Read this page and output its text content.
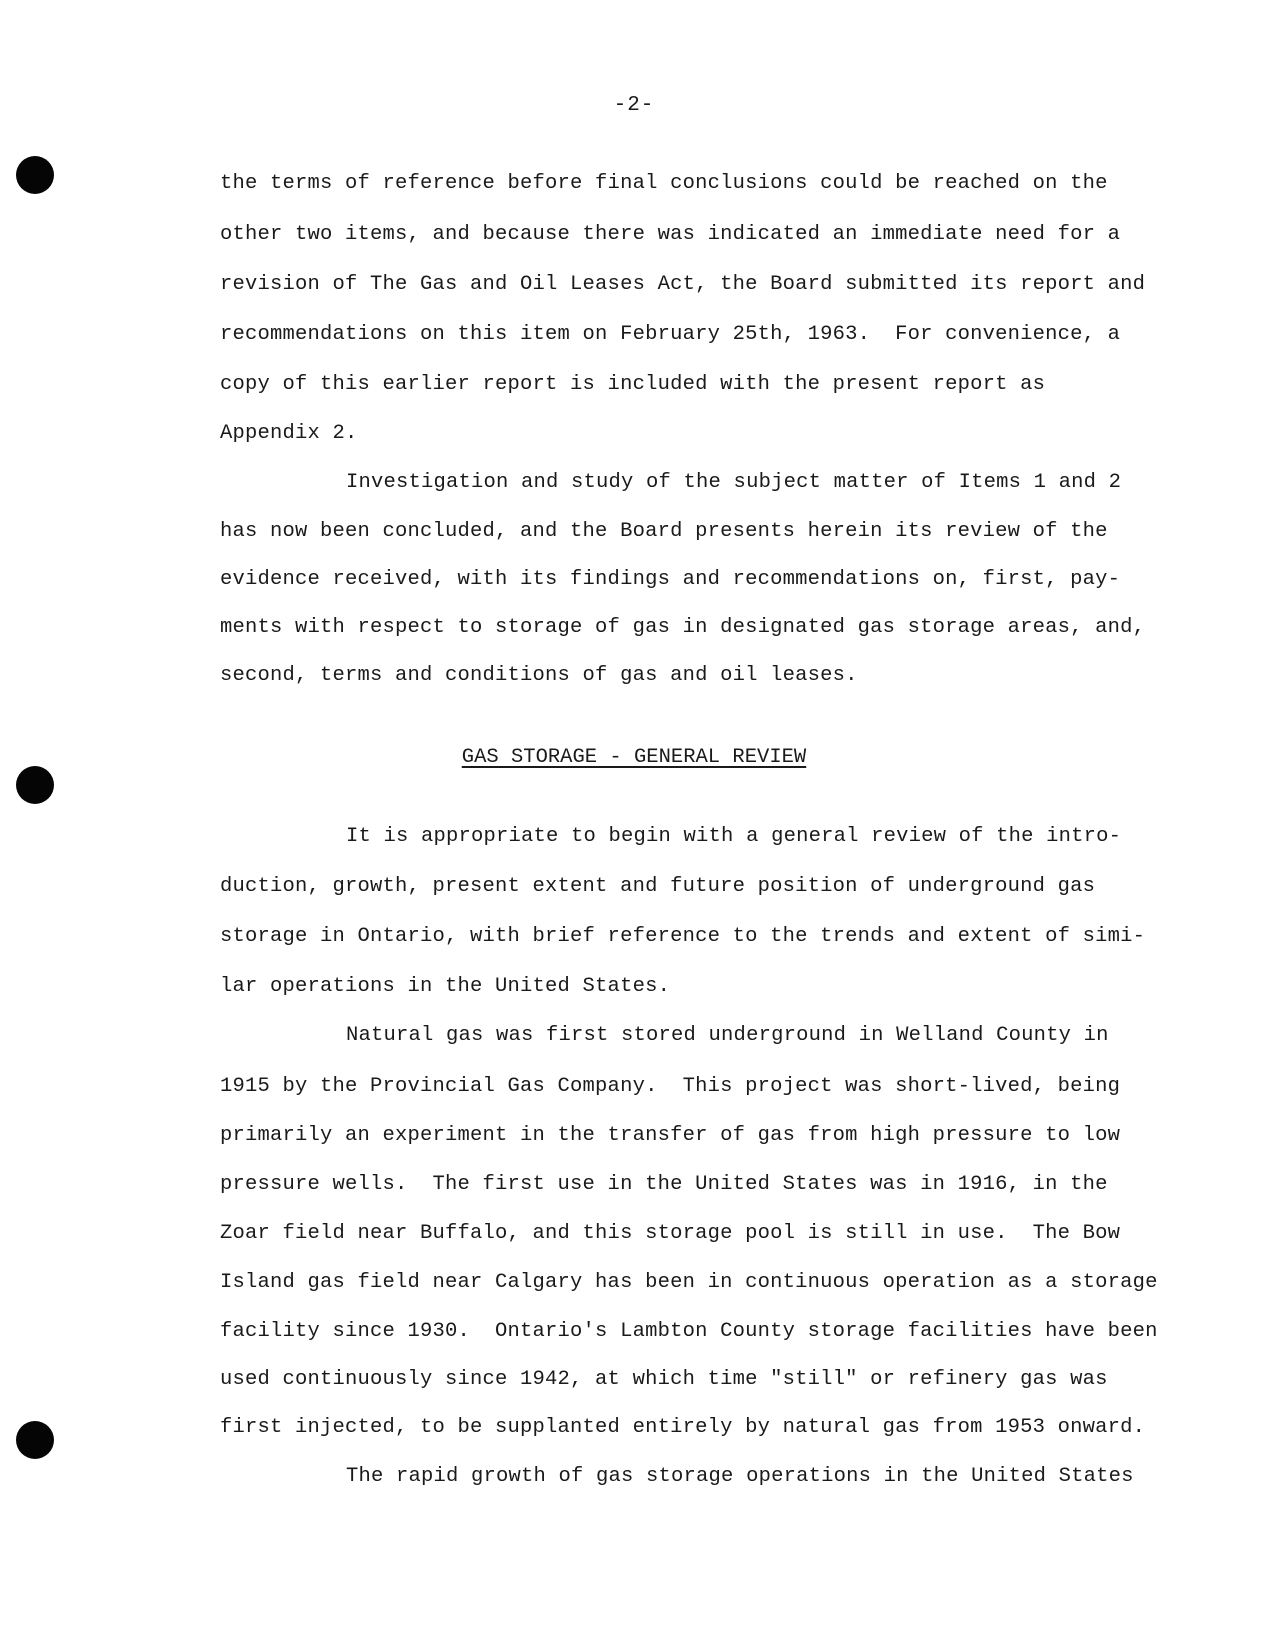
-2-
the terms of reference before final conclusions could be reached on the
other two items, and because there was indicated an immediate need for a
revision of The Gas and Oil Leases Act, the Board submitted its report and
recommendations on this item on February 25th, 1963.  For convenience, a
copy of this earlier report is included with the present report as
Appendix 2.
Investigation and study of the subject matter of Items 1 and 2
has now been concluded, and the Board presents herein its review of the
evidence received, with its findings and recommendations on, first, pay-
ments with respect to storage of gas in designated gas storage areas, and,
second, terms and conditions of gas and oil leases.
GAS STORAGE - GENERAL REVIEW
It is appropriate to begin with a general review of the intro-
duction, growth, present extent and future position of underground gas
storage in Ontario, with brief reference to the trends and extent of simi-
lar operations in the United States.
Natural gas was first stored underground in Welland County in
1915 by the Provincial Gas Company.  This project was short-lived, being
primarily an experiment in the transfer of gas from high pressure to low
pressure wells.  The first use in the United States was in 1916, in the
Zoar field near Buffalo, and this storage pool is still in use.  The Bow
Island gas field near Calgary has been in continuous operation as a storage
facility since 1930.  Ontario's Lambton County storage facilities have been
used continuously since 1942, at which time "still" or refinery gas was
first injected, to be supplanted entirely by natural gas from 1953 onward.
The rapid growth of gas storage operations in the United States
